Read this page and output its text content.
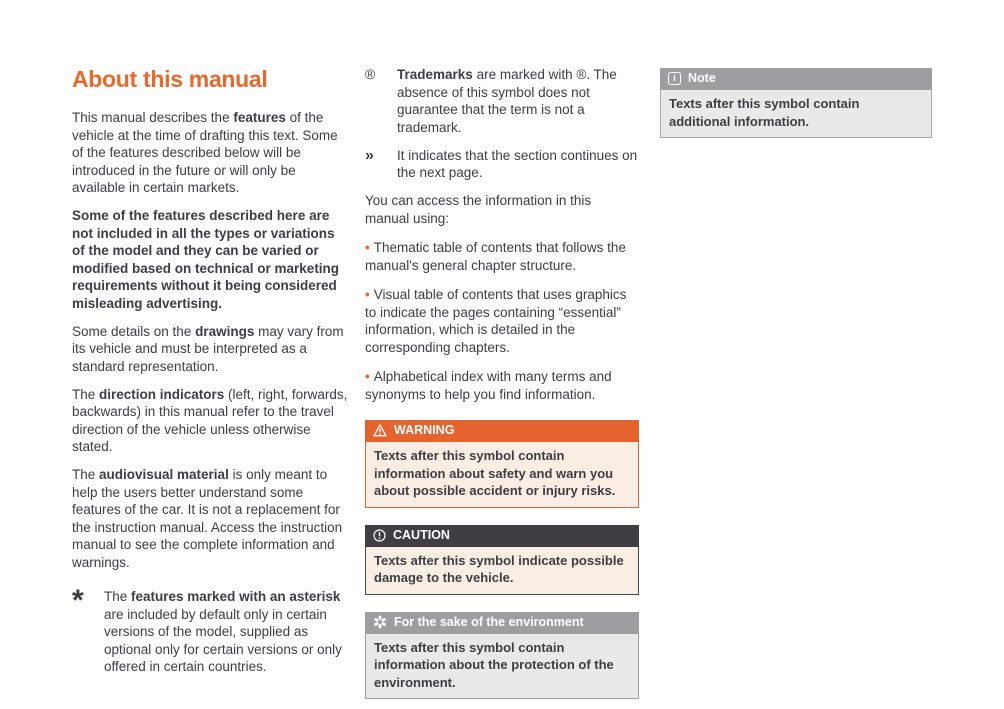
About this manual

This manual describes the features of the vehicle at the time of drafting this text. Some of the features described below will be introduced in the future or will only be available in certain markets.

Some of the features described here are not included in all the types or variations of the model and they can be varied or modified based on technical or marketing requirements without it being considered misleading advertising.

Some details on the drawings may vary from its vehicle and must be interpreted as a standard representation.

The direction indicators (left, right, forwards, backwards) in this manual refer to the travel direction of the vehicle unless otherwise stated.

The audiovisual material is only meant to help the users better understand some features of the car. It is not a replacement for the instruction manual. Access the instruction manual to see the complete information and warnings.

*	The features marked with an asterisk are included by default only in certain versions of the model, supplied as optional only for certain versions or only offered in certain countries.
®	Trademarks are marked with ®. The absence of this symbol does not guarantee that the term is not a trademark.
»	It indicates that the section continues on the next page.

You can access the information in this manual using:

• Thematic table of contents that follows the manual's general chapter structure.

• Visual table of contents that uses graphics to indicate the pages containing “essential” information, which is detailed in the corresponding chapters.

• Alphabetical index with many terms and synonyms to help you find information.

WARNING
Texts after this symbol contain information about safety and warn you about possible accident or injury risks.
CAUTION
Texts after this symbol indicate possible damage to the vehicle.
For the sake of the environment
Texts after this symbol contain information about the protection of the environment.
i Note
Texts after this symbol contain additional information.
